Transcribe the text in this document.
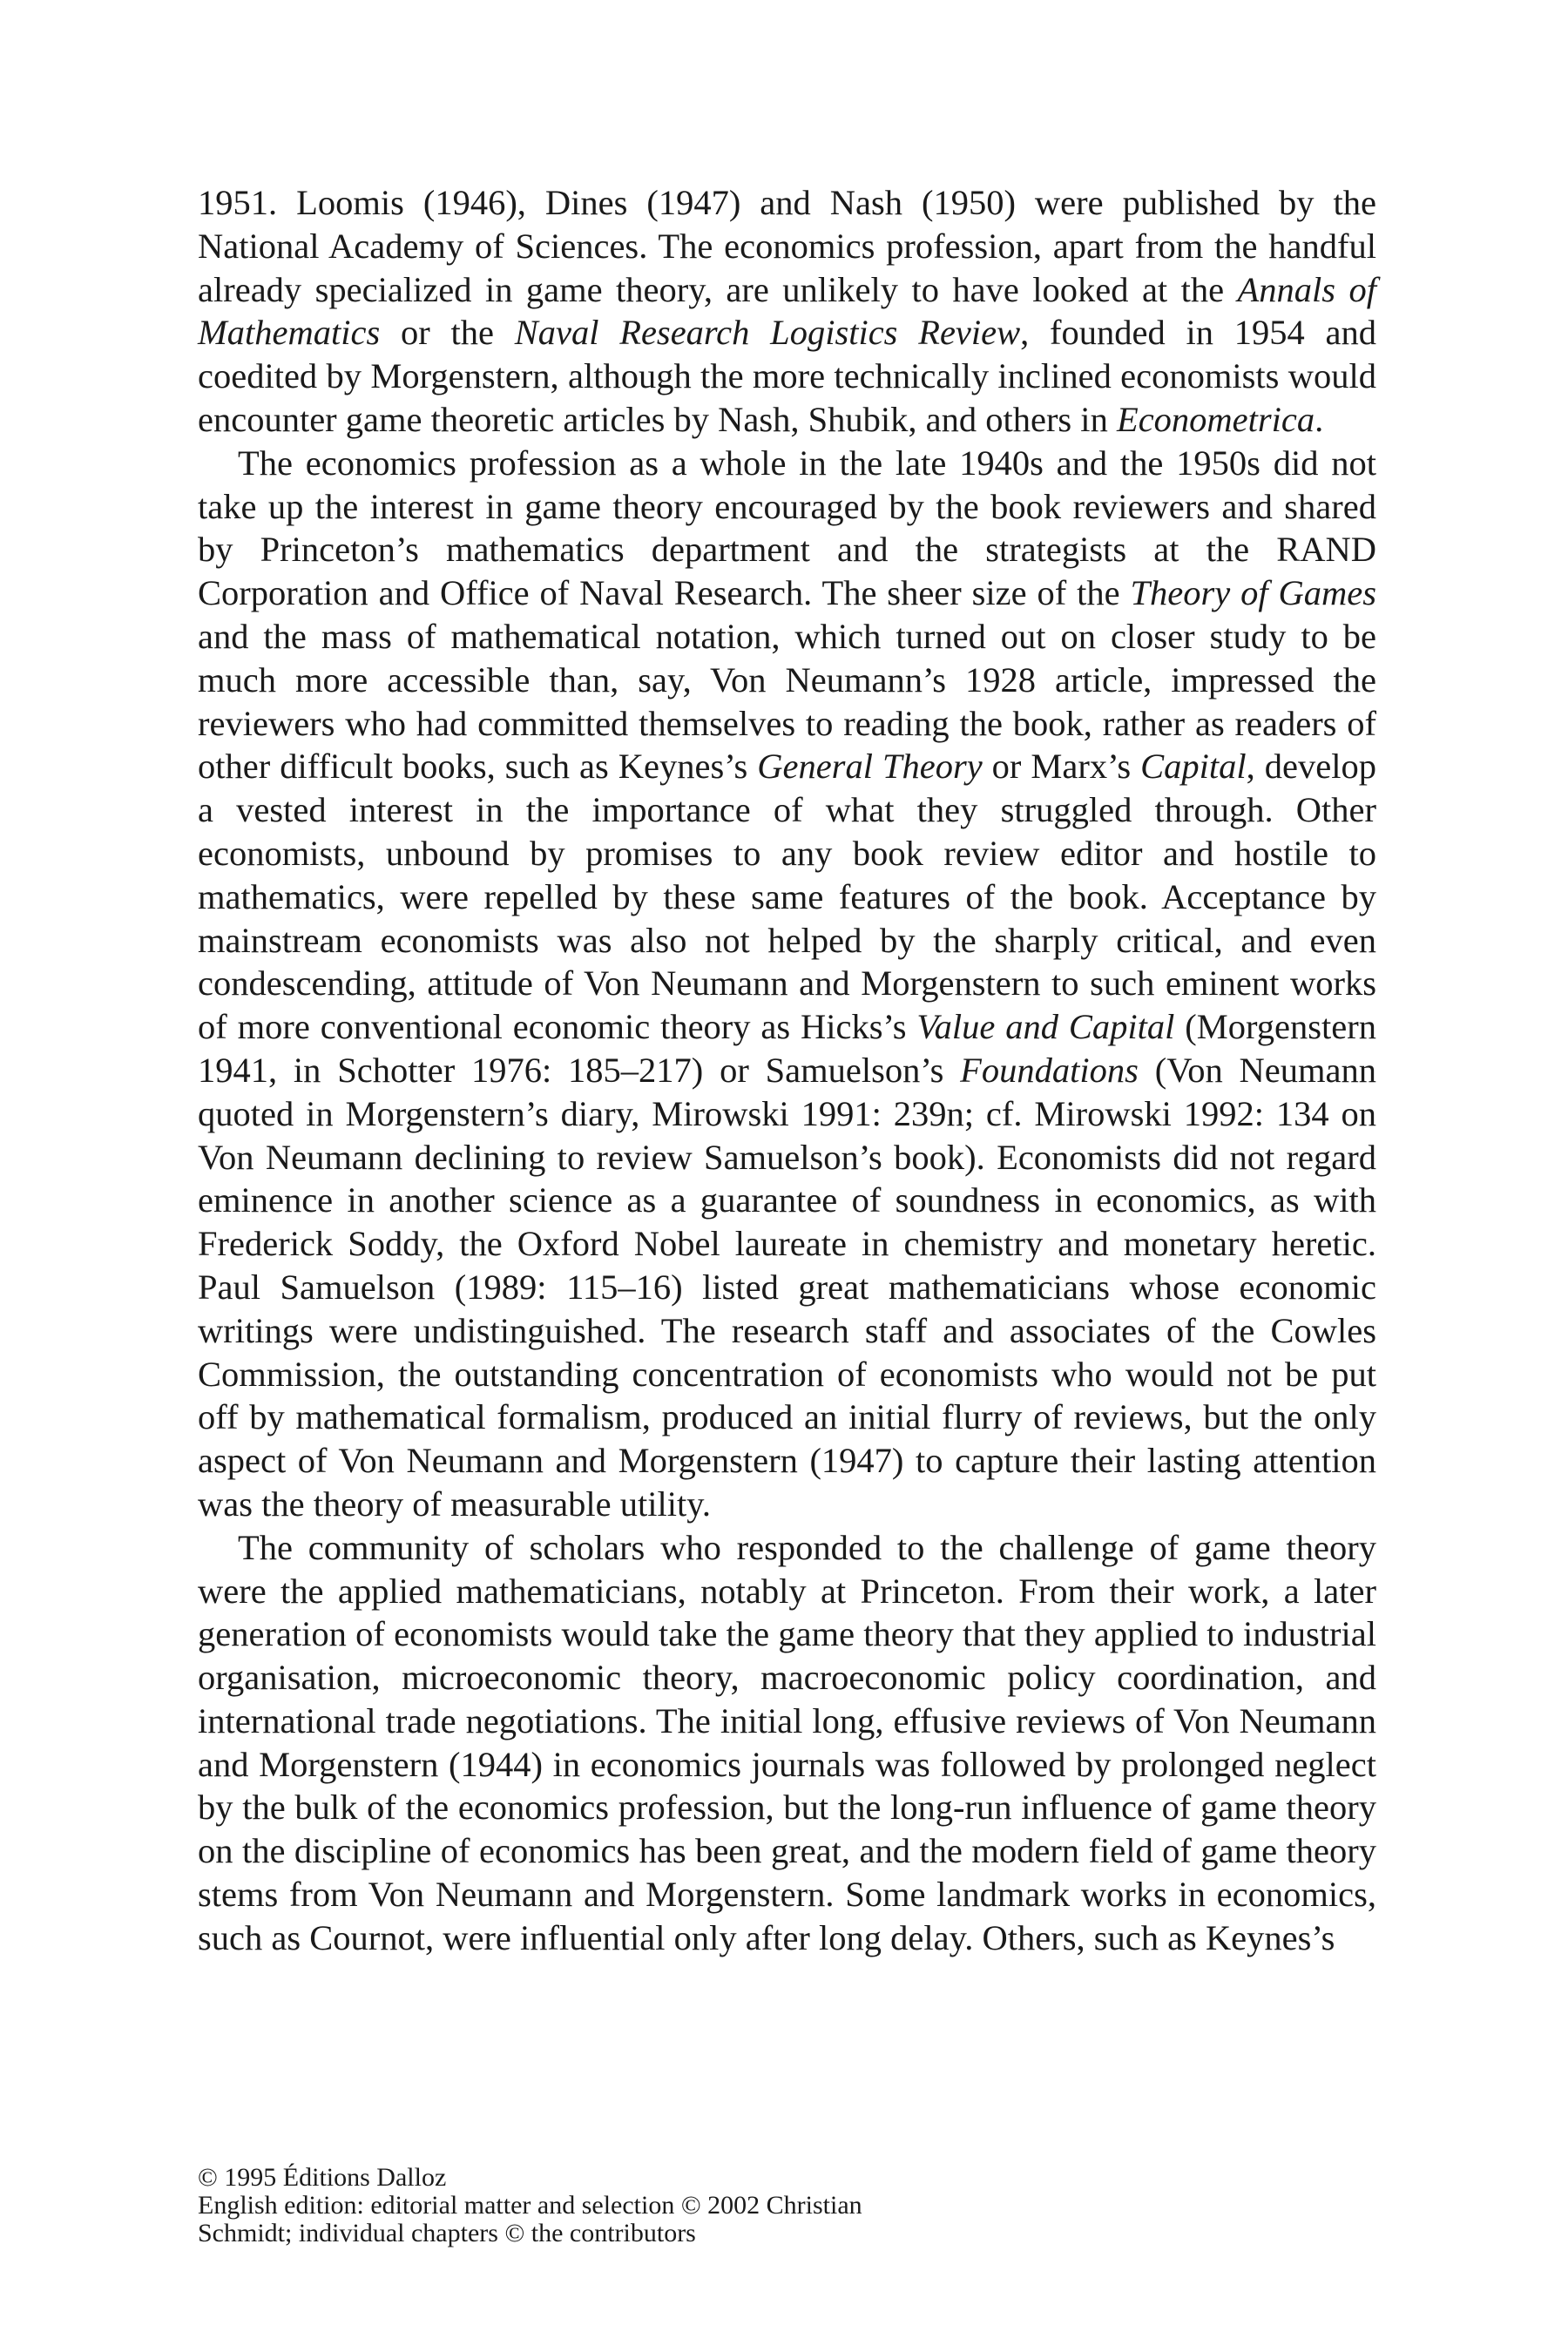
1951. Loomis (1946), Dines (1947) and Nash (1950) were published by the National Academy of Sciences. The economics profession, apart from the handful already specialized in game theory, are unlikely to have looked at the Annals of Mathematics or the Naval Research Logistics Review, founded in 1954 and coedited by Morgenstern, although the more technically inclined economists would encounter game theoretic articles by Nash, Shubik, and others in Econometrica.

The economics profession as a whole in the late 1940s and the 1950s did not take up the interest in game theory encouraged by the book reviewers and shared by Princeton’s mathematics department and the strategists at the RAND Corporation and Office of Naval Research. The sheer size of the Theory of Games and the mass of mathematical notation, which turned out on closer study to be much more accessible than, say, Von Neumann’s 1928 article, impressed the reviewers who had committed themselves to reading the book, rather as readers of other difficult books, such as Keynes’s General Theory or Marx’s Capital, develop a vested interest in the importance of what they struggled through. Other economists, unbound by promises to any book review editor and hostile to mathematics, were repelled by these same features of the book. Acceptance by mainstream economists was also not helped by the sharply critical, and even condescending, attitude of Von Neumann and Morgenstern to such eminent works of more conventional economic theory as Hicks’s Value and Capital (Morgenstern 1941, in Schotter 1976: 185–217) or Samuelson’s Foundations (Von Neumann quoted in Morgenstern’s diary, Mirowski 1991: 239n; cf. Mirowski 1992: 134 on Von Neumann declining to review Samuelson’s book). Economists did not regard eminence in another science as a guarantee of soundness in economics, as with Frederick Soddy, the Oxford Nobel laureate in chemistry and monetary heretic. Paul Samuelson (1989: 115–16) listed great mathematicians whose economic writings were undistinguished. The research staff and associates of the Cowles Commission, the outstanding concentration of economists who would not be put off by mathematical formalism, produced an initial flurry of reviews, but the only aspect of Von Neumann and Morgenstern (1947) to capture their lasting attention was the theory of measurable utility.

The community of scholars who responded to the challenge of game theory were the applied mathematicians, notably at Princeton. From their work, a later generation of economists would take the game theory that they applied to industrial organisation, microeconomic theory, macroeconomic policy coordination, and international trade negotiations. The initial long, effusive reviews of Von Neumann and Morgenstern (1944) in economics journals was followed by prolonged neglect by the bulk of the economics profession, but the long-run influence of game theory on the discipline of economics has been great, and the modern field of game theory stems from Von Neumann and Morgenstern. Some landmark works in economics, such as Cournot, were influential only after long delay. Others, such as Keynes’s

© 1995 Éditions Dalloz
English edition: editorial matter and selection © 2002 Christian
Schmidt; individual chapters © the contributors
